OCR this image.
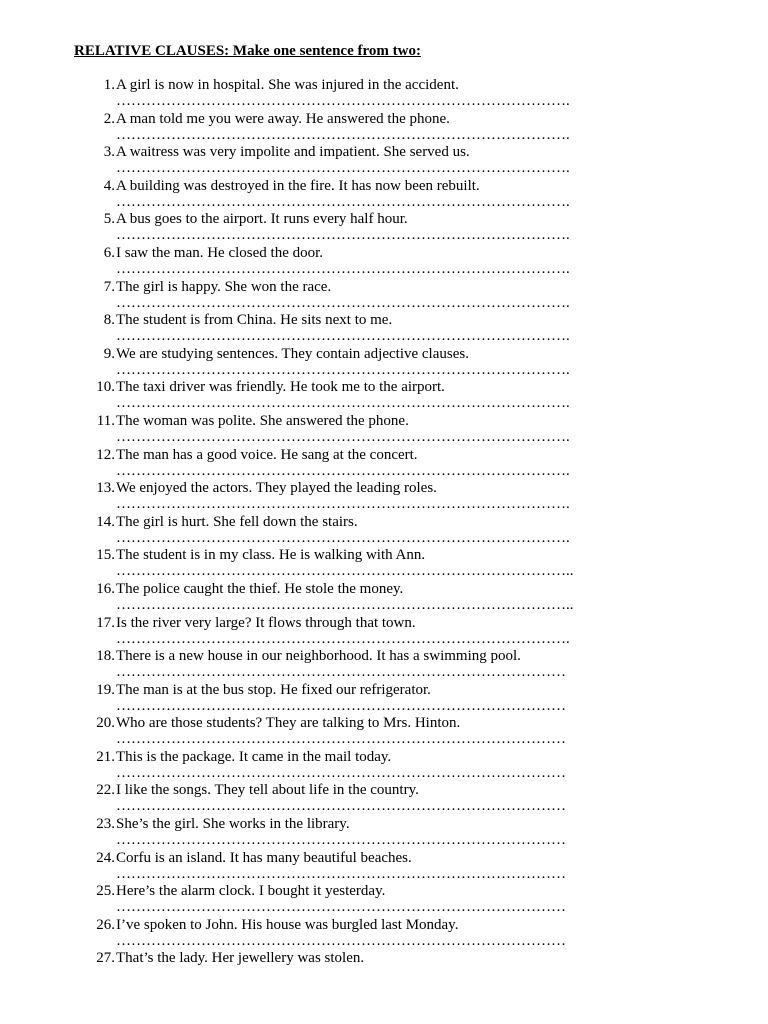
RELATIVE CLAUSES: Make one sentence from two:
1. A girl is now in hospital. She was injured in the accident.
……………………………………………………………………………….
2. A man told me you were away. He answered the phone.
……………………………………………………………………………….
3. A waitress was very impolite and impatient. She served us.
……………………………………………………………………………….
4. A building was destroyed in the fire. It has now been rebuilt.
……………………………………………………………………………….
5. A bus goes to the airport. It runs every half hour.
……………………………………………………………………………….
6. I saw the man. He closed the door.
……………………………………………………………………………….
7. The girl is happy. She won the race.
……………………………………………………………………………….
8. The student is from China. He sits next to me.
……………………………………………………………………………….
9. We are studying sentences. They contain adjective clauses.
……………………………………………………………………………….
10. The taxi driver was friendly. He took me to the airport.
……………………………………………………………………………….
11. The woman was polite. She answered the phone.
……………………………………………………………………………….
12. The man has a good voice. He sang at the concert.
……………………………………………………………………………….
13. We enjoyed the actors. They played the leading roles.
……………………………………………………………………………….
14. The girl is hurt. She fell down the stairs.
……………………………………………………………………………….
15. The student is in my class. He is walking with Ann.
………………………………………………………………………………..
16. The police caught the thief. He stole the money.
………………………………………………………………………………..
17. Is the river very large? It flows through that town.
……………………………………………………………………………….
18. There is a new house in our neighborhood. It has a swimming pool.
………………………………………………………………………………
19. The man is at the bus stop. He fixed our refrigerator.
………………………………………………………………………………
20. Who are those students? They are talking to Mrs. Hinton.
………………………………………………………………………………
21. This is the package. It came in the mail today.
………………………………………………………………………………
22. I like the songs. They tell about life in the country.
………………………………………………………………………………
23. She’s the girl. She works in the library.
………………………………………………………………………………
24. Corfu is an island. It has many beautiful beaches.
………………………………………………………………………………
25. Here’s the alarm clock. I bought it yesterday.
………………………………………………………………………………
26. I’ve spoken to John. His house was burgled last Monday.
………………………………………………………………………………
27. That’s the lady. Her jewellery was stolen.
